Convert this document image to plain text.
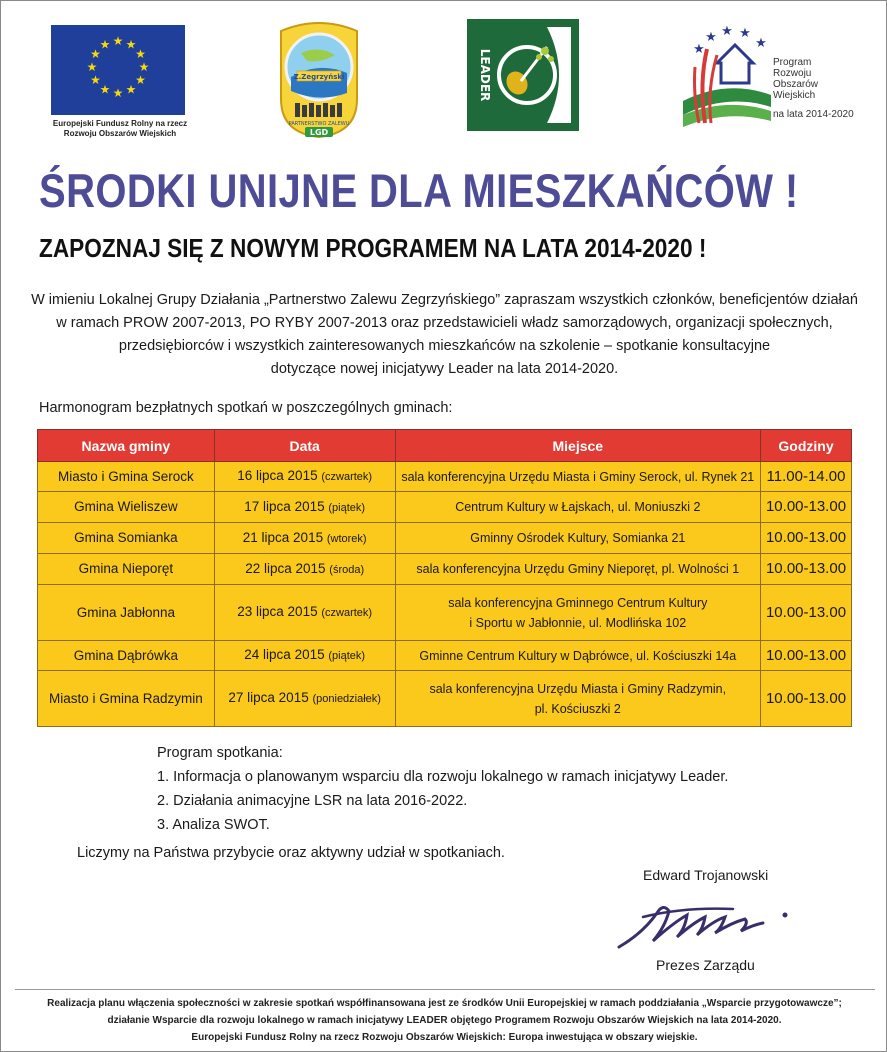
★ ★
★
★
★
★
★
★
★
★
★
★
Europejski Fundusz Rolny na rzecz
Rozwoju Obszarów Wiejskich
Z.Zegrzyński
PARTNERSTWO ZALEWU
LGD
LEADER	★
★ ★ ★
★
Program
Rozwoju
Obszarów
Wiejskich
na lata 2014-2020
ŚRODKI UNIJNE DLA MIESZKAŃCÓW !
ZAPOZNAJ SIĘ Z NOWYM PROGRAMEM NA LATA 2014-2020 !
W imieniu Lokalnej Grupy Działania „Partnerstwo Zalewu Zegrzyńskiego” zapraszam wszystkich członków, beneficjentów działań
w ramach PROW 2007-2013, PO RYBY 2007-2013 oraz przedstawicieli władz samorządowych, organizacji społecznych,
przedsiębiorców i wszystkich zainteresowanych mieszkańców na szkolenie – spotkanie konsultacyjne
dotyczące nowej inicjatywy Leader na lata 2014-2020.
Harmonogram bezpłatnych spotkań w poszczególnych gminach:
Nazwa gminy	Data	Miejsce	Godziny
Miasto i Gmina Serock	16 lipca 2015 (czwartek)	sala konferencyjna Urzędu Miasta i Gminy Serock, ul. Rynek 21	11.00-14.00
Gmina Wieliszew	17 lipca 2015 (piątek)	Centrum Kultury w Łajskach, ul. Moniuszki 2	10.00-13.00
Gmina Somianka	21 lipca 2015 (wtorek)	Gminny Ośrodek Kultury, Somianka 21	10.00-13.00
Gmina Nieporęt	22 lipca 2015 (środa)	sala konferencyjna Urzędu Gminy Nieporęt, pl. Wolności 1	10.00-13.00
Gmina Jabłonna	23 lipca 2015 (czwartek)	sala konferencyjna Gminnego Centrum Kultury
i Sportu w Jabłonnie, ul. Modlińska 102	10.00-13.00
Gmina Dąbrówka	24 lipca 2015 (piątek)	Gminne Centrum Kultury w Dąbrówce, ul. Kościuszki 14a	10.00-13.00
Miasto i Gmina Radzymin	27 lipca 2015 (poniedziałek)	sala konferencyjna Urzędu Miasta i Gminy Radzymin,
pl. Kościuszki 2	10.00-13.00
Program spotkania:
1. Informacja o planowanym wsparciu dla rozwoju lokalnego w ramach inicjatywy Leader.
2. Działania animacyjne LSR na lata 2016-2022.
3. Analiza SWOT.
Liczymy na Państwa przybycie oraz aktywny udział w spotkaniach.
Edward Trojanowski
Prezes Zarządu
Realizacja planu włączenia społeczności w zakresie spotkań współfinansowana jest ze środków Unii Europejskiej w ramach poddziałania „Wsparcie przygotowawcze”;
działanie Wsparcie dla rozwoju lokalnego w ramach inicjatywy LEADER objętego Programem Rozwoju Obszarów Wiejskich na lata 2014-2020.
Europejski Fundusz Rolny na rzecz Rozwoju Obszarów Wiejskich: Europa inwestująca w obszary wiejskie.
